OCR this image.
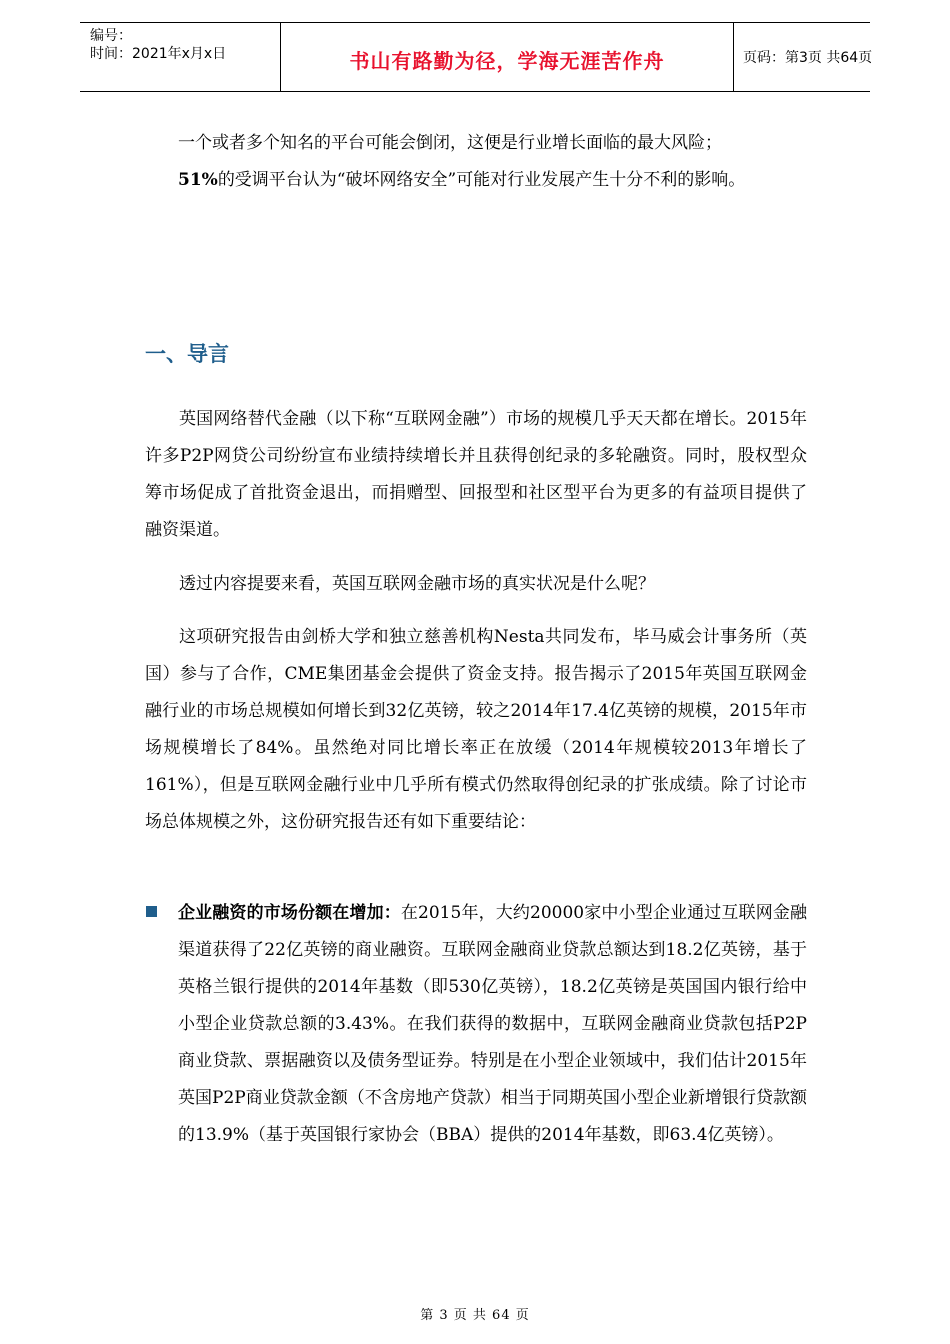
编号：
时间：2021年x月x日	书山有路勤为径，学海无涯苦作舟	页码：第3页 共64页
一个或者多个知名的平台可能会倒闭，这便是行业增长面临的最大风险；
51%的受调平台认为“破坏网络安全”可能对行业发展产生十分不利的影响。
一、导言
英国网络替代金融（以下称“互联网金融”）市场的规模几乎天天都在增长。2015年许多P2P网贷公司纷纷宣布业绩持续增长并且获得创纪录的多轮融资。同时，股权型众筹市场促成了首批资金退出，而捐赠型、回报型和社区型平台为更多的有益项目提供了融资渠道。
透过内容提要来看，英国互联网金融市场的真实状况是什么呢？
这项研究报告由剑桥大学和独立慈善机构Nesta共同发布，毕马威会计事务所（英国）参与了合作，CME集团基金会提供了资金支持。报告揭示了2015年英国互联网金融行业的市场总规模如何增长到32亿英镑，较之2014年17.4亿英镑的规模，2015年市场规模增长了84%。虽然绝对同比增长率正在放缓（2014年规模较2013年增长了161%），但是互联网金融行业中几乎所有模式仍然取得创纪录的扩张成绩。除了讨论市场总体规模之外，这份研究报告还有如下重要结论：
企业融资的市场份额在增加：在2015年，大约20000家中小型企业通过互联网金融渠道获得了22亿英镑的商业融资。互联网金融商业贷款总额达到18.2亿英镑，基于英格兰银行提供的2014年基数（即530亿英镑），18.2亿英镑是英国国内银行给中小型企业贷款总额的3.43%。在我们获得的数据中，互联网金融商业贷款包括P2P商业贷款、票据融资以及债务型证券。特别是在小型企业领域中，我们估计2015年英国P2P商业贷款金额（不含房地产贷款）相当于同期英国小型企业新增银行贷款额的13.9%（基于英国银行家协会（BBA）提供的2014年基数，即63.4亿英镑）。
第 3 页 共 64 页
